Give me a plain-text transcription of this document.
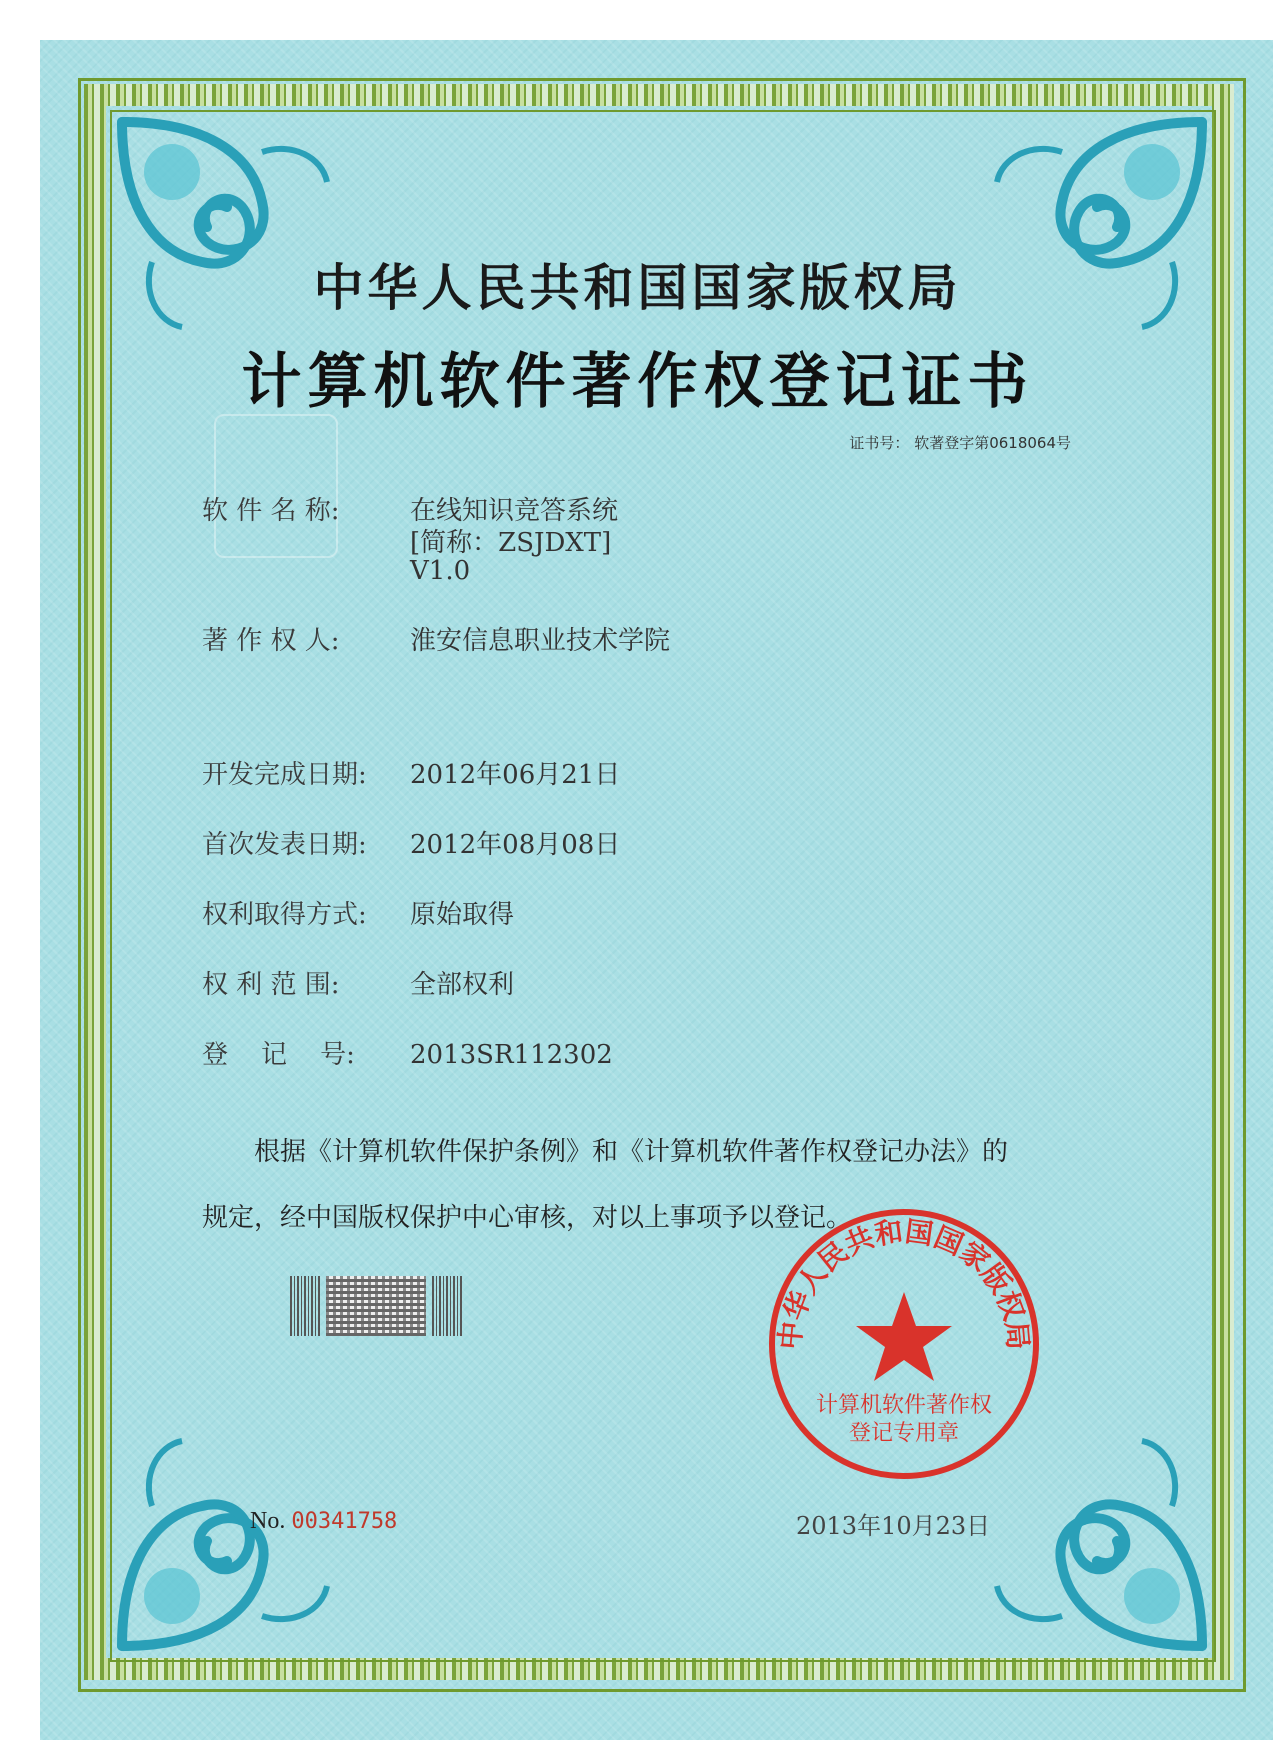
中华人民共和国国家版权局
计算机软件著作权登记证书
证书号： 软著登字第0618064号
软 件 名 称:	在线知识竞答系统
[简称：ZSJDXT]
V1.0
著 作 权 人:	淮安信息职业技术学院
开发完成日期:	2012年06月21日
首次发表日期:	2012年08月08日
权利取得方式:	原始取得
权 利 范 围:	全部权利
登    记    号:	2013SR112302
根据《计算机软件保护条例》和《计算机软件著作权登记办法》的
规定，经中国版权保护中心审核，对以上事项予以登记。
No. 00341758	2013年10月23日
中华人民共和国国家版权局
计算机软件著作权
登记专用章
